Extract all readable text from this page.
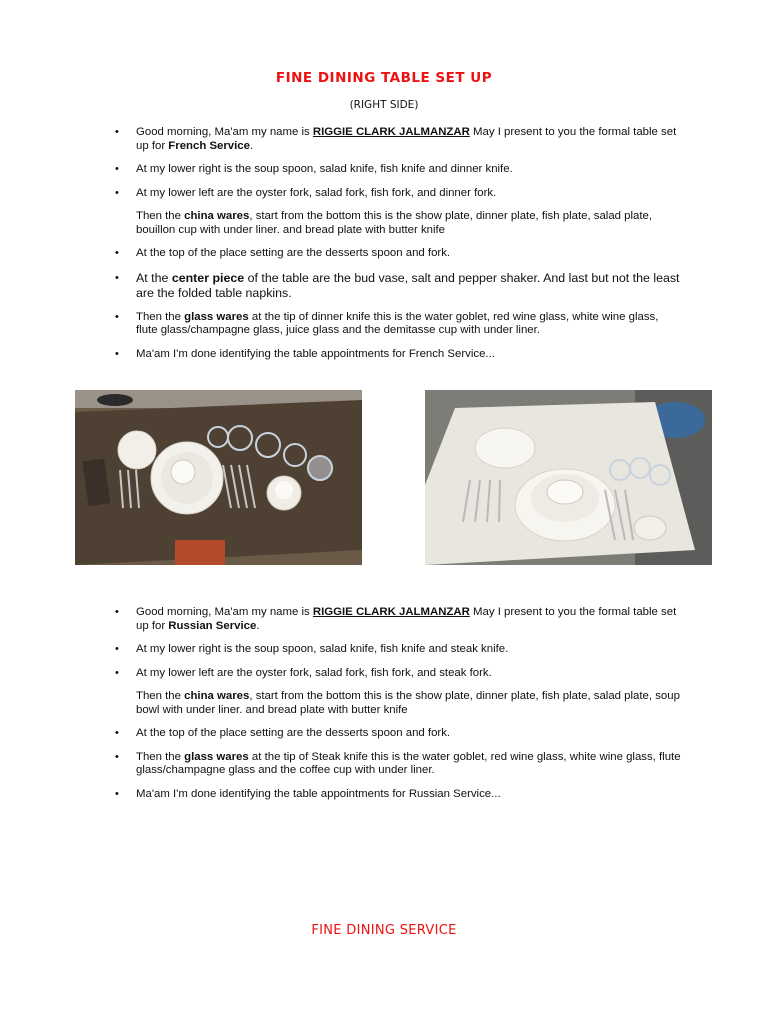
FINE DINING TABLE SET UP
(RIGHT SIDE)
• Good morning, Ma'am my name is RIGGIE CLARK JALMANZAR May I present to you the formal table set up for French Service.
• At my lower right is the soup spoon, salad knife, fish knife and dinner knife.
• At my lower left are the oyster fork, salad fork, fish fork, and dinner fork.
Then the china wares, start from the bottom this is the show plate, dinner plate, fish plate, salad plate, bouillon cup with under liner. and bread plate with butter knife
• At the top of the place setting are the desserts spoon and fork.
• At the center piece of the table are the bud vase, salt and pepper shaker. And last but not the least are the folded table napkins.
• Then the glass wares at the tip of dinner knife this is the water goblet, red wine glass, white wine glass, flute glass/champagne glass, juice glass and the demitasse cup with under liner.
• Ma'am I'm done identifying the table appointments for French Service...
• Good morning, Ma'am my name is RIGGIE CLARK JALMANZAR May I present to you the formal table set up for Russian Service.
• At my lower right is the soup spoon, salad knife, fish knife and steak knife.
• At my lower left are the oyster fork, salad fork, fish fork, and steak fork.
Then the china wares, start from the bottom this is the show plate, dinner plate, fish plate, salad plate, soup bowl with under liner. and bread plate with butter knife
• At the top of the place setting are the desserts spoon and fork.
• Then the glass wares at the tip of Steak knife this is the water goblet, red wine glass, white wine glass, flute glass/champagne glass and the coffee cup with under liner.
• Ma'am I'm done identifying the table appointments for Russian Service...
FINE DINING SERVICE
